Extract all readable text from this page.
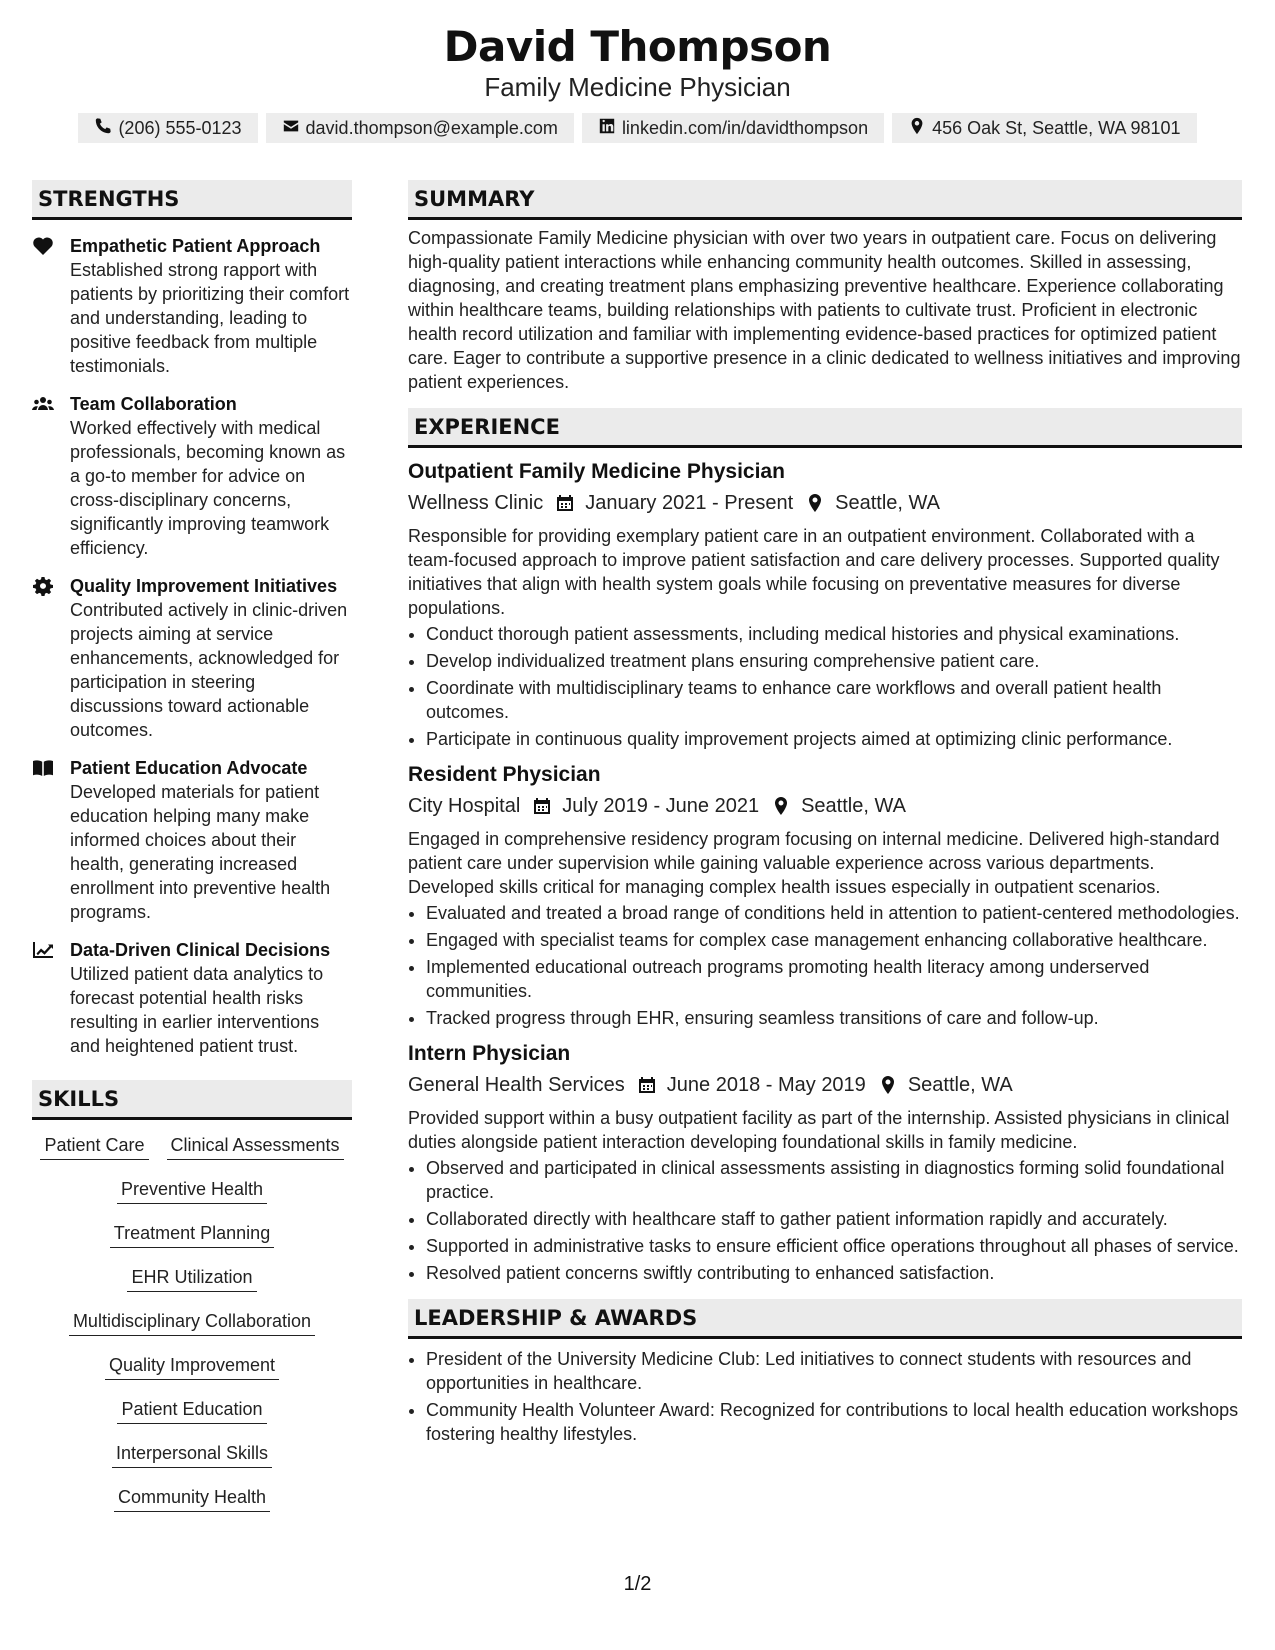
David Thompson
Family Medicine Physician
(206) 555-0123	david.thompson@example.com	linkedin.com/in/davidthompson	456 Oak St, Seattle, WA 98101
STRENGTHS
Empathetic Patient Approach
Established strong rapport with patients by prioritizing their comfort and understanding, leading to positive feedback from multiple testimonials.
Team Collaboration
Worked effectively with medical professionals, becoming known as a go-to member for advice on cross-disciplinary concerns, significantly improving teamwork efficiency.
Quality Improvement Initiatives
Contributed actively in clinic-driven projects aiming at service enhancements, acknowledged for participation in steering discussions toward actionable outcomes.
Patient Education Advocate
Developed materials for patient education helping many make informed choices about their health, generating increased enrollment into preventive health programs.
Data-Driven Clinical Decisions
Utilized patient data analytics to forecast potential health risks resulting in earlier interventions and heightened patient trust.
SKILLS
Patient Care Clinical Assessments
Preventive Health
Treatment Planning
EHR Utilization
Multidisciplinary Collaboration
Quality Improvement
Patient Education
Interpersonal Skills
Community Health
SUMMARY
Compassionate Family Medicine physician with over two years in outpatient care. Focus on delivering high-quality patient interactions while enhancing community health outcomes. Skilled in assessing, diagnosing, and creating treatment plans emphasizing preventive healthcare. Experience collaborating within healthcare teams, building relationships with patients to cultivate trust. Proficient in electronic health record utilization and familiar with implementing evidence-based practices for optimized patient care. Eager to contribute a supportive presence in a clinic dedicated to wellness initiatives and improving patient experiences.
EXPERIENCE
Outpatient Family Medicine Physician
Wellness Clinic January 2021 - Present Seattle, WA
Responsible for providing exemplary patient care in an outpatient environment. Collaborated with a team-focused approach to improve patient satisfaction and care delivery processes. Supported quality initiatives that align with health system goals while focusing on preventative measures for diverse populations.
• Conduct thorough patient assessments, including medical histories and physical examinations.
• Develop individualized treatment plans ensuring comprehensive patient care.
• Coordinate with multidisciplinary teams to enhance care workflows and overall patient health outcomes.
• Participate in continuous quality improvement projects aimed at optimizing clinic performance.
Resident Physician
City Hospital July 2019 - June 2021 Seattle, WA
Engaged in comprehensive residency program focusing on internal medicine. Delivered high-standard patient care under supervision while gaining valuable experience across various departments. Developed skills critical for managing complex health issues especially in outpatient scenarios.
• Evaluated and treated a broad range of conditions held in attention to patient-centered methodologies.
• Engaged with specialist teams for complex case management enhancing collaborative healthcare.
• Implemented educational outreach programs promoting health literacy among underserved communities.
• Tracked progress through EHR, ensuring seamless transitions of care and follow-up.
Intern Physician
General Health Services June 2018 - May 2019 Seattle, WA
Provided support within a busy outpatient facility as part of the internship. Assisted physicians in clinical duties alongside patient interaction developing foundational skills in family medicine.
• Observed and participated in clinical assessments assisting in diagnostics forming solid foundational practice.
• Collaborated directly with healthcare staff to gather patient information rapidly and accurately.
• Supported in administrative tasks to ensure efficient office operations throughout all phases of service.
• Resolved patient concerns swiftly contributing to enhanced satisfaction.
LEADERSHIP & AWARDS
• President of the University Medicine Club: Led initiatives to connect students with resources and opportunities in healthcare.
• Community Health Volunteer Award: Recognized for contributions to local health education workshops fostering healthy lifestyles.
1/2
